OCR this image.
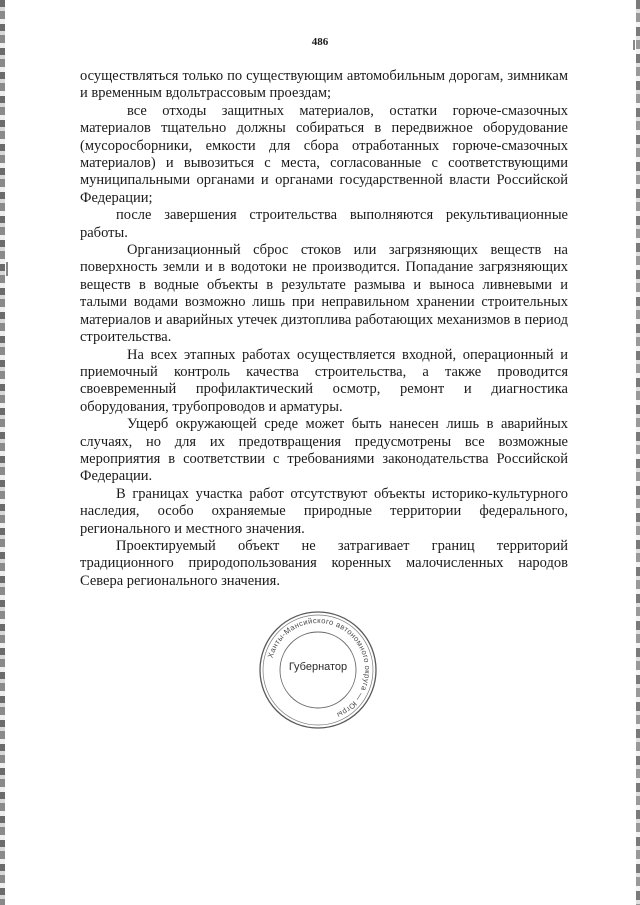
486

осуществляться только по существующим автомобильным дорогам, зимникам и временным вдольтрассовым проездам;

все отходы защитных материалов, остатки горюче-смазочных материалов тщательно должны собираться в передвижное оборудование (мусоросборники, емкости для сбора отработанных горюче-смазочных материалов) и вывозиться с места, согласованные с соответствующими муниципальными органами и органами государственной власти Российской Федерации;

после завершения строительства выполняются рекультивационные работы.

Организационный сброс стоков или загрязняющих веществ на поверхность земли и в водотоки не производится. Попадание загрязняющих веществ в водные объекты в результате размыва и выноса ливневыми и талыми водами возможно лишь при неправильном хранении строительных материалов и аварийных утечек дизтоплива работающих механизмов в период строительства.

На всех этапных работах осуществляется входной, операционный и приемочный контроль качества строительства, а также проводится своевременный профилактический осмотр, ремонт и диагностика оборудования, трубопроводов и арматуры.

Ущерб окружающей среде может быть нанесен лишь в аварийных случаях, но для их предотвращения предусмотрены все возможные мероприятия в соответствии с требованиями законодательства Российской Федерации.

В границах участка работ отсутствуют объекты историко-культурного наследия, особо охраняемые природные территории федерального, регионального и местного значения.

Проектируемый объект не затрагивает границ территорий традиционного природопользования коренных малочисленных народов Севера регионального значения.

Ханты-Мансийского автономного округа — Югры
Губернатор
